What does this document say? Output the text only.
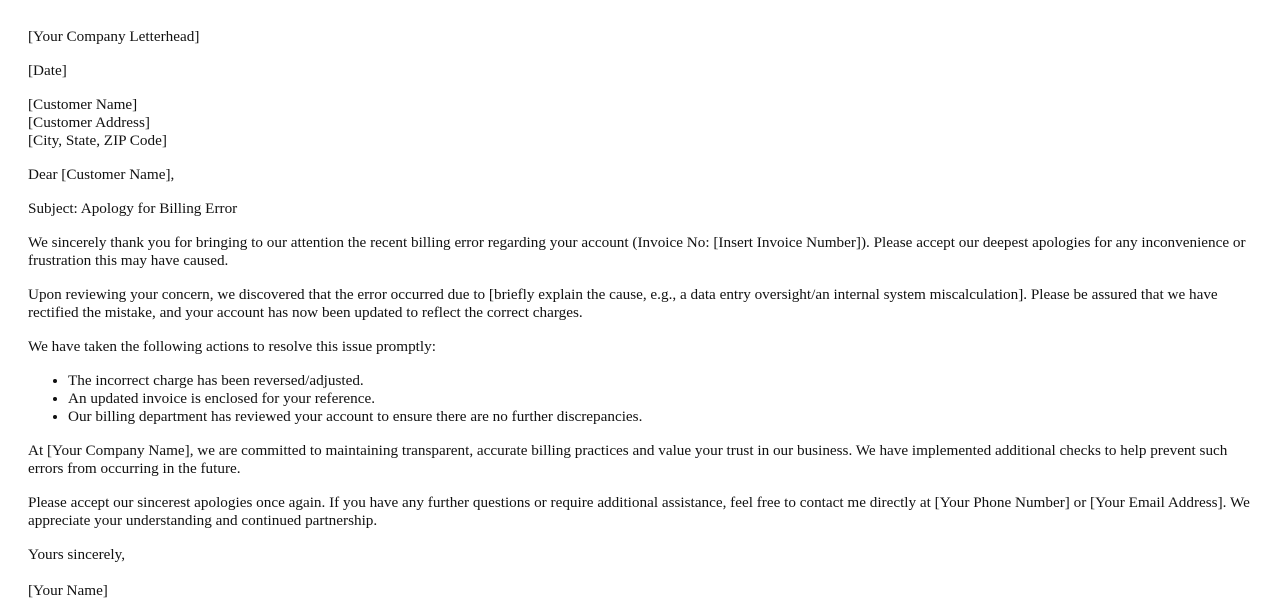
[Your Company Letterhead]

[Date]

[Customer Name]
[Customer Address]
[City, State, ZIP Code]

Dear [Customer Name],

Subject: Apology for Billing Error

We sincerely thank you for bringing to our attention the recent billing error regarding your account (Invoice No: [Insert Invoice Number]). Please accept our deepest apologies for any inconvenience or frustration this may have caused.

Upon reviewing your concern, we discovered that the error occurred due to [briefly explain the cause, e.g., a data entry oversight/an internal system miscalculation]. Please be assured that we have rectified the mistake, and your account has now been updated to reflect the correct charges.

We have taken the following actions to resolve this issue promptly:

• The incorrect charge has been reversed/adjusted.
• An updated invoice is enclosed for your reference.
• Our billing department has reviewed your account to ensure there are no further discrepancies.

At [Your Company Name], we are committed to maintaining transparent, accurate billing practices and value your trust in our business. We have implemented additional checks to help prevent such errors from occurring in the future.

Please accept our sincerest apologies once again. If you have any further questions or require additional assistance, feel free to contact me directly at [Your Phone Number] or [Your Email Address]. We appreciate your understanding and continued partnership.

Yours sincerely,

[Your Name]
